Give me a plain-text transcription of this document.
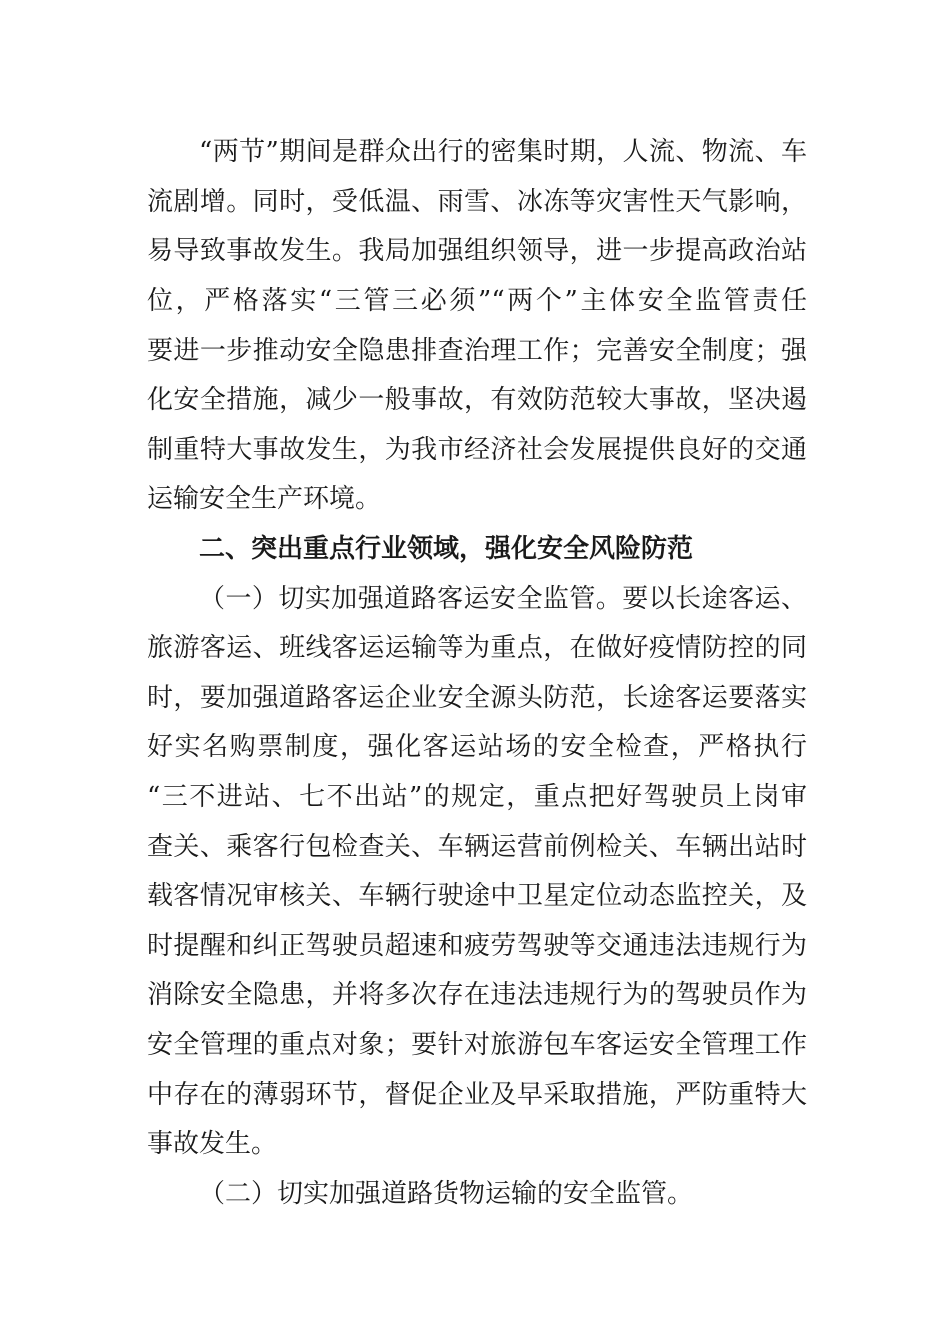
“两节”期间是群众出行的密集时期，人流、物流、车
流剧增。同时，受低温、雨雪、冰冻等灾害性天气影响，
易导致事故发生。我局加强组织领导，进一步提高政治站
位，严格落实“三管三必须”“两个”主体安全监管责任
要进一步推动安全隐患排查治理工作；完善安全制度；强
化安全措施，减少一般事故，有效防范较大事故，坚决遏
制重特大事故发生，为我市经济社会发展提供良好的交通
运输安全生产环境。
二、突出重点行业领域，强化安全风险防范
（一）切实加强道路客运安全监管。要以长途客运、
旅游客运、班线客运运输等为重点，在做好疫情防控的同
时，要加强道路客运企业安全源头防范，长途客运要落实
好实名购票制度，强化客运站场的安全检查，严格执行
“三不进站、七不出站”的规定，重点把好驾驶员上岗审
查关、乘客行包检查关、车辆运营前例检关、车辆出站时
载客情况审核关、车辆行驶途中卫星定位动态监控关，及
时提醒和纠正驾驶员超速和疲劳驾驶等交通违法违规行为
消除安全隐患，并将多次存在违法违规行为的驾驶员作为
安全管理的重点对象；要针对旅游包车客运安全管理工作
中存在的薄弱环节，督促企业及早采取措施，严防重特大
事故发生。
（二）切实加强道路货物运输的安全监管。
